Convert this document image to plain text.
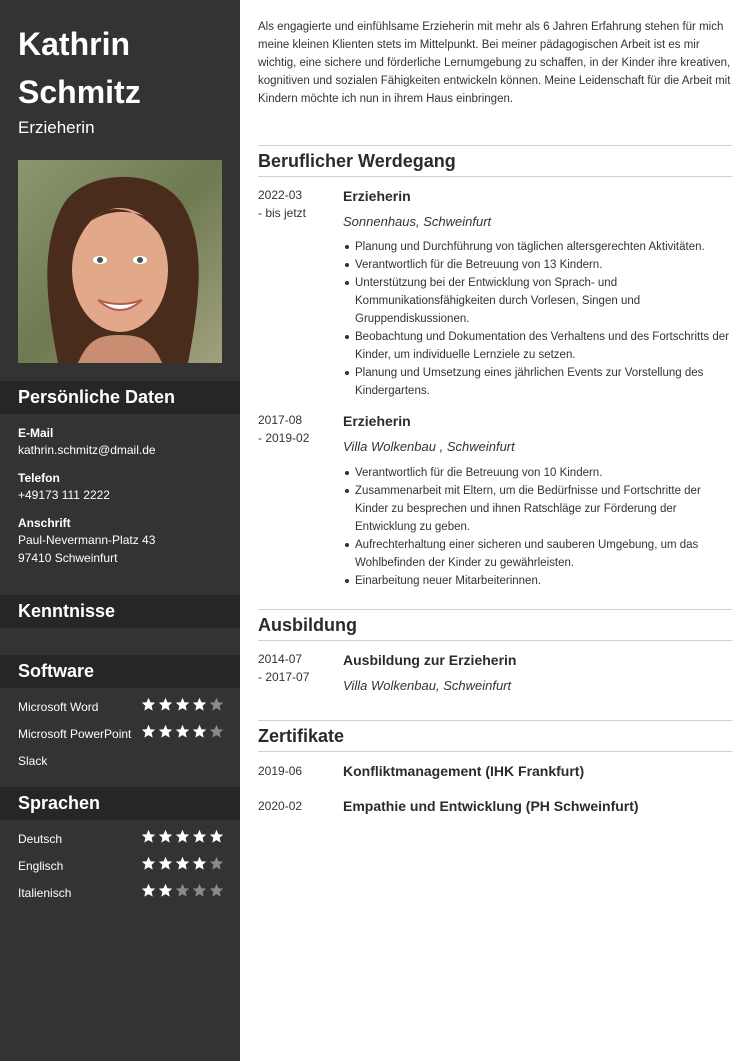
Kathrin
Schmitz
Erzieherin
Persönliche Daten
E-Mail
kathrin.schmitz@dmail.de
Telefon
+49173 111 2222
Anschrift
Paul-Nevermann-Platz 43
97410 Schweinfurt
Kenntnisse
Software
Microsoft Word
Microsoft PowerPoint
Slack
Sprachen
Deutsch
Englisch
Italienisch
Als engagierte und einfühlsame Erzieherin mit mehr als 6 Jahren Erfahrung stehen für mich meine kleinen Klienten stets im Mittelpunkt. Bei meiner pädagogischen Arbeit ist es mir wichtig, eine sichere und förderliche Lernumgebung zu schaffen, in der Kinder ihre kreativen, kognitiven und sozialen Fähigkeiten entwickeln können. Meine Leidenschaft für die Arbeit mit Kindern möchte ich nun in ihrem Haus einbringen.
Beruflicher Werdegang
2022-03
- bis jetzt
Erzieherin
Sonnenhaus, Schweinfurt
Planung und Durchführung von täglichen altersgerechten Aktivitäten.
Verantwortlich für die Betreuung von 13 Kindern.
Unterstützung bei der Entwicklung von Sprach- und Kommunikationsfähigkeiten durch Vorlesen, Singen und Gruppendiskussionen.
Beobachtung und Dokumentation des Verhaltens und des Fortschritts der Kinder, um individuelle Lernziele zu setzen.
Planung und Umsetzung eines jährlichen Events zur Vorstellung des Kindergartens.
2017-08
- 2019-02
Erzieherin
Villa Wolkenbau , Schweinfurt
Verantwortlich für die Betreuung von 10 Kindern.
Zusammenarbeit mit Eltern, um die Bedürfnisse und Fortschritte der Kinder zu besprechen und ihnen Ratschläge zur Förderung der Entwicklung zu geben.
Aufrechterhaltung einer sicheren und sauberen Umgebung, um das Wohlbefinden der Kinder zu gewährleisten.
Einarbeitung neuer Mitarbeiterinnen.
Ausbildung
2014-07
- 2017-07
Ausbildung zur Erzieherin
Villa Wolkenbau, Schweinfurt
Zertifikate
2019-06	Konfliktmanagement (IHK Frankfurt)
2020-02	Empathie und Entwicklung (PH Schweinfurt)
